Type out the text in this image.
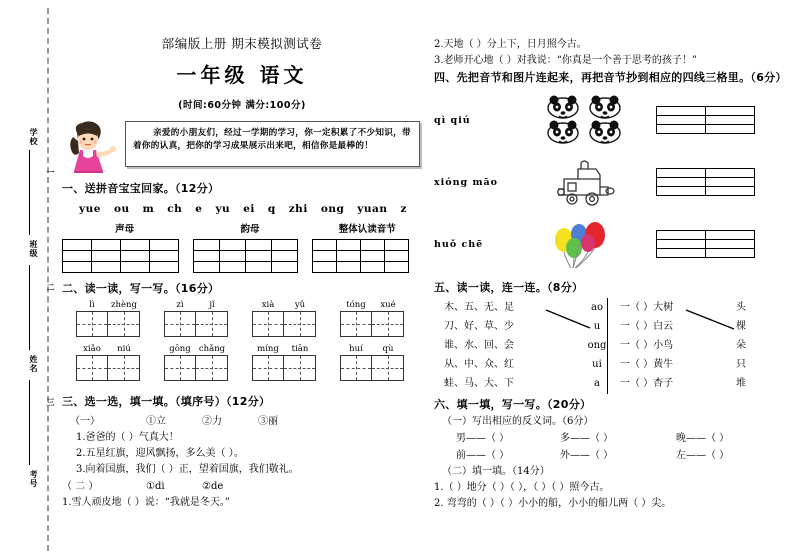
学校
班级
姓名
考号
一
二
三
部编版上册 期末模拟测试卷
一年级 语文
(时间:60分钟 满分:100分)

亲爱的小朋友们，经过一学期的学习，你一定积累了不少知识，带着你的认真，把你的学习成果展示出来吧，相信你是最棒的！

一、送拼音宝宝回家。（12分）
yue ou m ch e yu ei q zhi ong yuan z
声母	韵母	整体认读音节

二、读一读，写一写。（16分）
lì	zhèng	zì	jǐ	xià	yǔ	tóng	xué
xiǎo	niú	gōng chǎng	míng	tiān	huí	qù
三、选一选，填一填。（填序号）（12分）
（一）	①立	②力	③丽
1.爸爸的（ ）气真大！
2.五星红旗，迎风飘扬，多么美（ ）。
3.向着国旗，我们（ ）正，望着国旗，我们敬礼。
（ 二 ）	①di	②de
1.雪人顽皮地（ ）说：“我就是冬天。”
2.天地（ ）分上下，日月照今古。
3.老师开心地（ ）对我说：“你真是一个善于思考的孩子！”
四、先把音节和图片连起来，再把音节抄到相应的四线三格里。（6分）
qì qiú

xióng māo

huǒ chē

五、读一读，连一连。（8分）
木、五、无、足
刀、好、草、少
谁、水、回、会
从、中、众、红
蛙、马、大、下
ao
u
ong
ui
a
一（ ）大树
一（ ）白云
一（ ）小鸟
一（ ）黄牛
一（ ）杏子
头
棵
朵
只
堆
六、填一填，写一写。（20分）
（一）写出相应的反义词。（6分）
男——（ ）	多——（ ）	晚——（ ）
前——（ ）	外——（ ）	左——（ ）
（二）填一填。（14分）
1.（ ）地分（ ）（ ），（ ）（ ）照今古。
2. 弯弯的（ ）（ ）小小的船，小小的船儿两（ ）尖。
